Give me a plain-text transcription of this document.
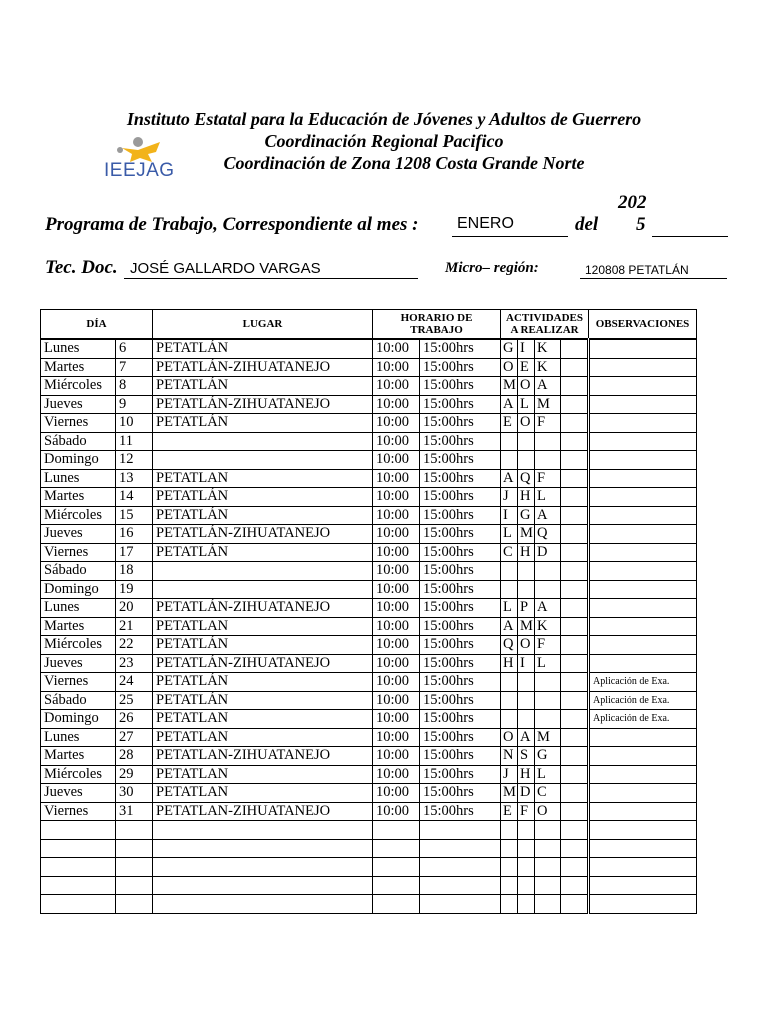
Instituto Estatal para la Educación de Jóvenes y Adultos de Guerrero
Coordinación Regional Pacifico
Coordinación de Zona 1208 Costa Grande Norte
IEEJAG
Programa de Trabajo, Correspondiente al mes : ENERO	del
202
5
Tec. Doc. JOSÉ GALLARDO VARGAS	Micro– región:	120808 PETATLÁN
DÍA		LUGAR	HORARIO DE TRABAJO		ACTIVIDADES A REALIZAR				OBSERVACIONES
Lunes	6	PETATLÁN	10:00	15:00hrs	G	I	K		
Martes	7	PETATLÁN-ZIHUATANEJO	10:00	15:00hrs	O	E	K		
Miércoles	8	PETATLÁN	10:00	15:00hrs	M	O	A		
Jueves	9	PETATLÁN-ZIHUATANEJO	10:00	15:00hrs	A	L	M		
Viernes	10	PETATLÁN	10:00	15:00hrs	E	O	F		
Sábado	11		10:00	15:00hrs					
Domingo	12		10:00	15:00hrs					
Lunes	13	PETATLAN	10:00	15:00hrs	A	Q	F		
Martes	14	PETATLÁN	10:00	15:00hrs	J	H	L		
Miércoles	15	PETATLÁN	10:00	15:00hrs	I	G	A		
Jueves	16	PETATLÁN-ZIHUATANEJO	10:00	15:00hrs	L	M	Q		
Viernes	17	PETATLÁN	10:00	15:00hrs	C	H	D		
Sábado	18		10:00	15:00hrs					
Domingo	19		10:00	15:00hrs					
Lunes	20	PETATLÁN-ZIHUATANEJO	10:00	15:00hrs	L	P	A		
Martes	21	PETATLAN	10:00	15:00hrs	A	M	K		
Miércoles	22	PETATLÁN	10:00	15:00hrs	Q	O	F		
Jueves	23	PETATLÁN-ZIHUATANEJO	10:00	15:00hrs	H	I	L		
Viernes	24	PETATLÁN	10:00	15:00hrs					Aplicación de Exa.
Sábado	25	PETATLÁN	10:00	15:00hrs					Aplicación de Exa.
Domingo	26	PETATLAN	10:00	15:00hrs					Aplicación de Exa.
Lunes	27	PETATLAN	10:00	15:00hrs	O	A	M		
Martes	28	PETATLAN-ZIHUATANEJO	10:00	15:00hrs	N	S	G		
Miércoles	29	PETATLAN	10:00	15:00hrs	J	H	L		
Jueves	30	PETATLAN	10:00	15:00hrs	M	D	C		
Viernes	31	PETATLAN-ZIHUATANEJO	10:00	15:00hrs	E	F	O		
